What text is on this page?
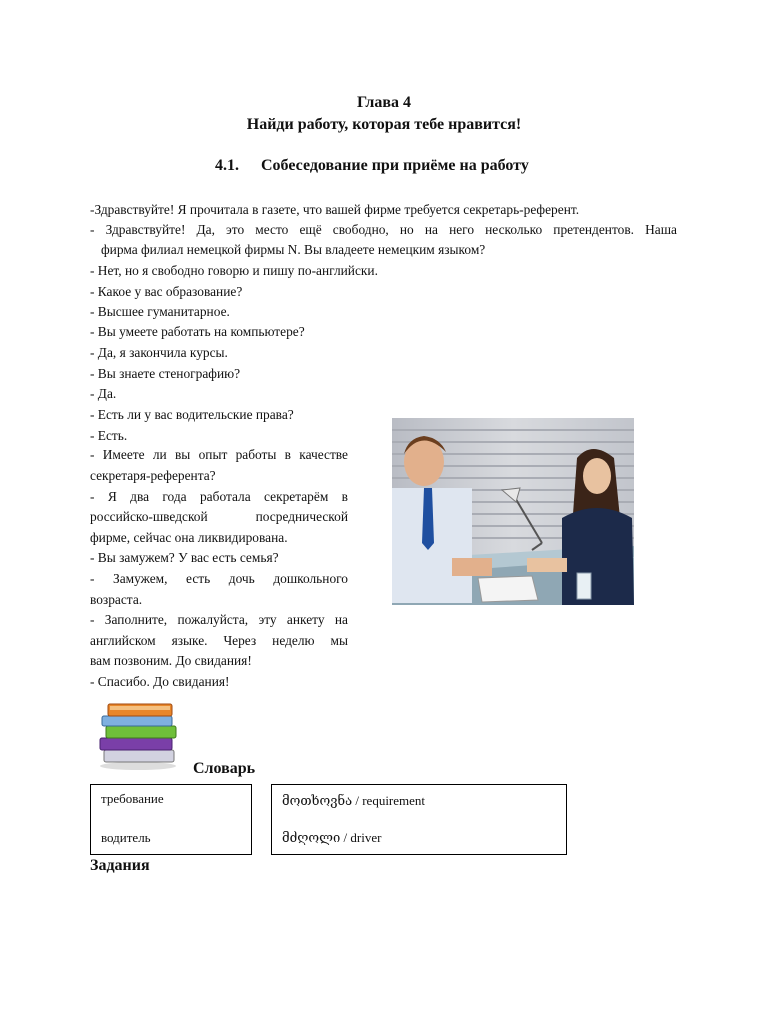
Глава 4
Найди работу, которая тебе нравится!
4.1. Собеседование при приёме на работу
-Здравствуйте! Я прочитала в газете, что вашей фирме требуется секретарь-референт.
- Здравствуйте! Да, это место ещё свободно, но на него несколько претендентов. Наша
фирма филиал немецкой фирмы N. Вы владеете немецким языком?
- Нет, но я свободно говорю и пишу по-английски.
- Какое у вас образование?
- Высшее гуманитарное.
- Вы умеете работать на компьютере?
- Да, я закончила курсы.
- Вы знаете стенографию?
- Да.
- Есть ли у вас водительские права?
- Есть.
- Имеете ли вы опыт работы в качестве
секретаря-референта?
- Я два года работала секретарём в
российско-шведской посреднической
фирме, сейчас она ликвидирована.
- Вы замужем? У вас есть семья?
- Замужем, есть дочь дошкольного
возраста.
- Заполните, пожалуйста, эту анкету на
английском языке. Через неделю мы
вам позвоним. До свидания!
- Спасибо. До свидания!
Словарь
требование
водитель
მოთხოვნა / requirement
მძღოლი / driver
Задания
